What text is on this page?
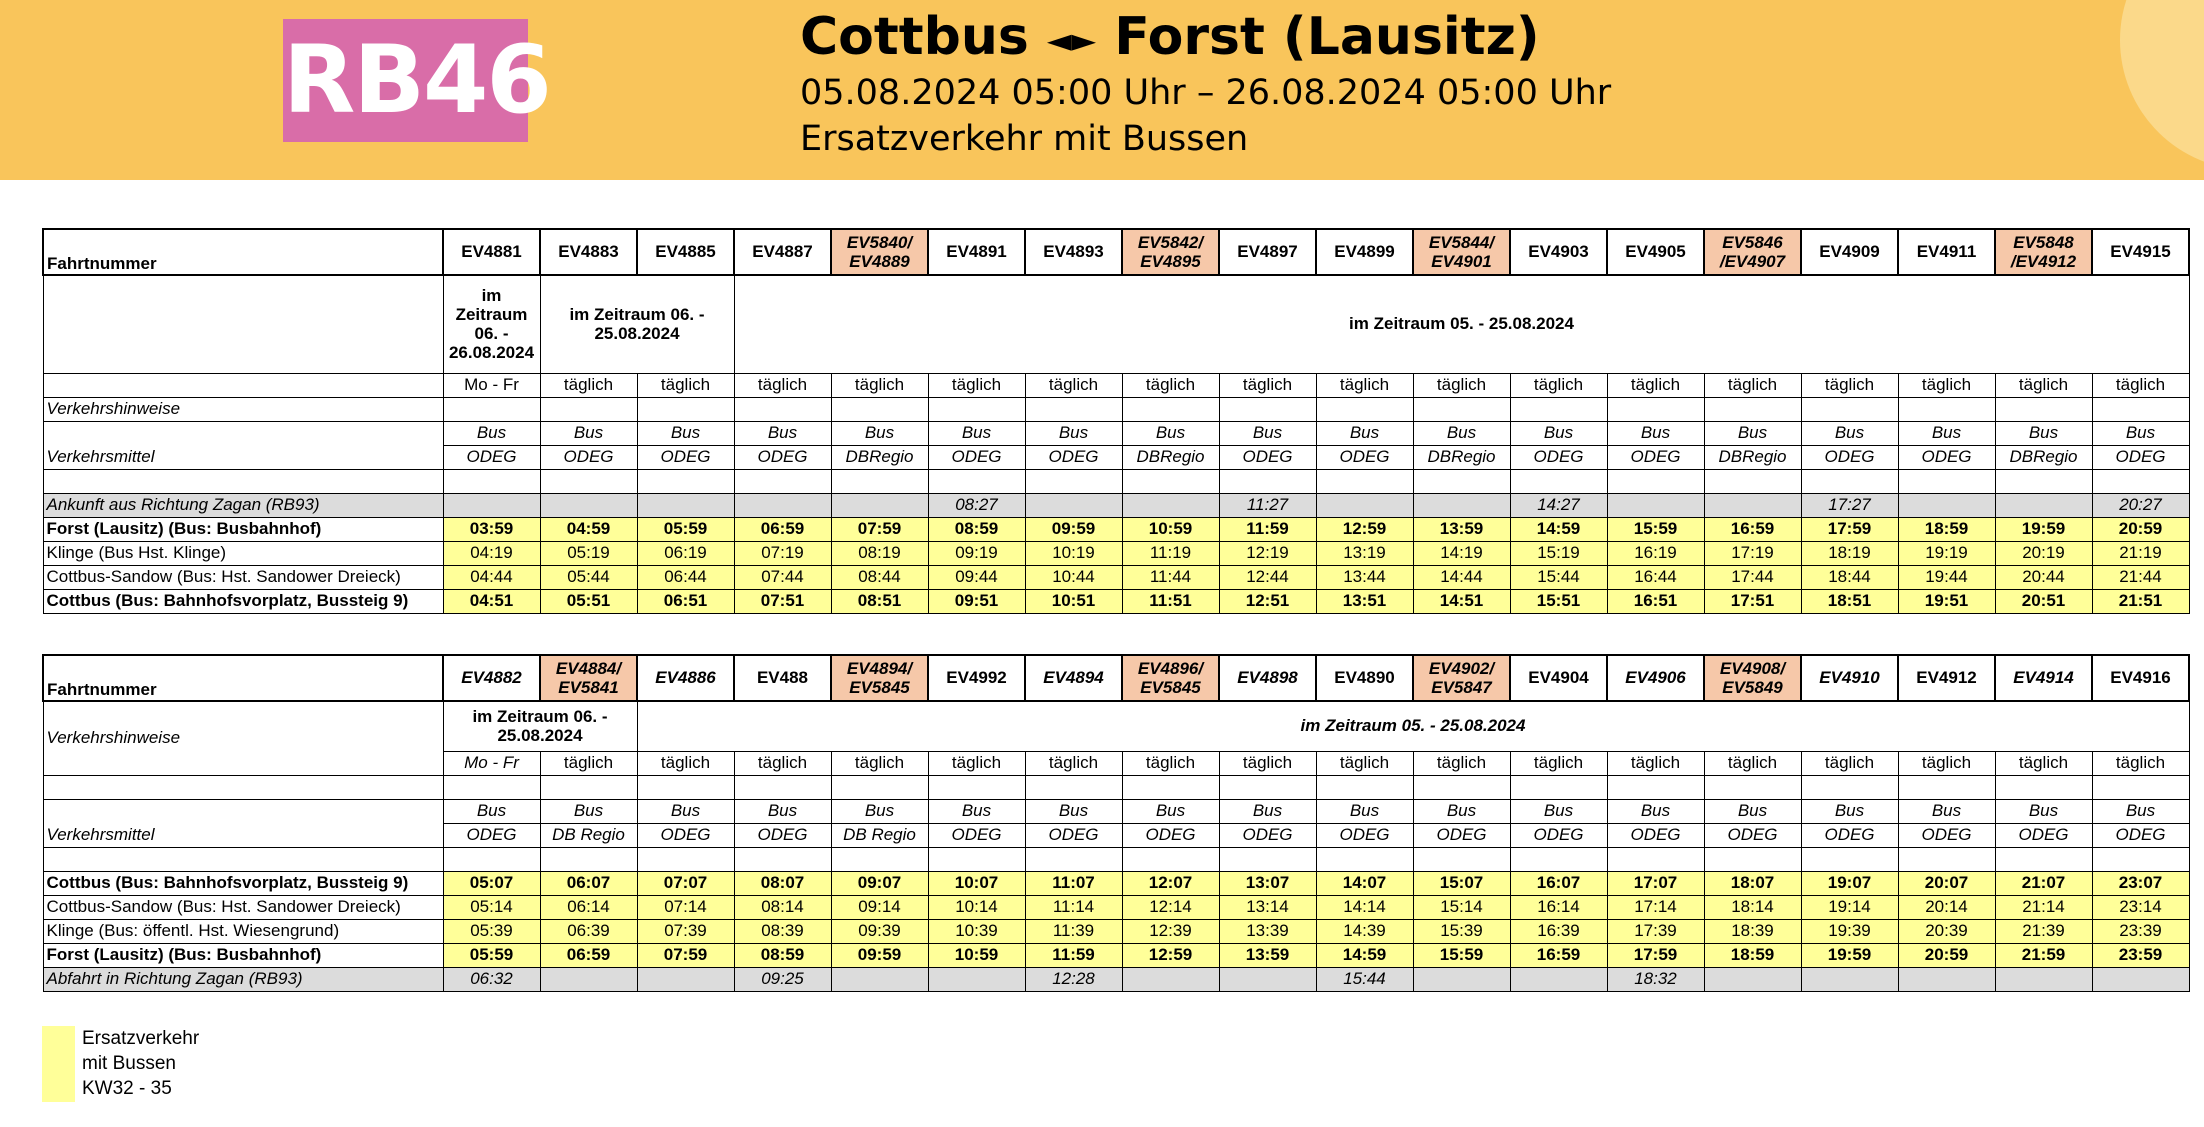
RB46	Cottbus ◄► Forst (Lausitz)
05.08.2024 05:00 Uhr – 26.08.2024 05:00 Uhr
Ersatzverkehr mit Bussen
Fahrtnummer	EV4881	EV4883	EV4885	EV4887	EV5840/ EV4889	EV4891	EV4893	EV5842/ EV4895	EV4897	EV4899	EV5844/ EV4901	EV4903	EV4905	EV5846 /EV4907	EV4909	EV4911	EV5848 /EV4912	EV4915
	im Zeitraum 06. - 26.08.2024	im Zeitraum 06. - 25.08.2024		im Zeitraum 05. - 25.08.2024														
	Mo - Fr	täglich	täglich	täglich	täglich	täglich	täglich	täglich	täglich	täglich	täglich	täglich	täglich	täglich	täglich	täglich	täglich	täglich
Verkehrshinweise																		
	Bus	Bus	Bus	Bus	Bus	Bus	Bus	Bus	Bus	Bus	Bus	Bus	Bus	Bus	Bus	Bus	Bus	Bus
Verkehrsmittel	ODEG	ODEG	ODEG	ODEG	DBRegio	ODEG	ODEG	DBRegio	ODEG	ODEG	DBRegio	ODEG	ODEG	DBRegio	ODEG	ODEG	DBRegio	ODEG

Ankunft aus Richtung Zagan (RB93)						08:27			11:27			14:27			17:27			20:27
Forst (Lausitz) (Bus: Busbahnhof)	03:59	04:59	05:59	06:59	07:59	08:59	09:59	10:59	11:59	12:59	13:59	14:59	15:59	16:59	17:59	18:59	19:59	20:59
Klinge (Bus Hst. Klinge)	04:19	05:19	06:19	07:19	08:19	09:19	10:19	11:19	12:19	13:19	14:19	15:19	16:19	17:19	18:19	19:19	20:19	21:19
Cottbus-Sandow (Bus: Hst. Sandower Dreieck)	04:44	05:44	06:44	07:44	08:44	09:44	10:44	11:44	12:44	13:44	14:44	15:44	16:44	17:44	18:44	19:44	20:44	21:44
Cottbus (Bus: Bahnhofsvorplatz, Bussteig 9)	04:51	05:51	06:51	07:51	08:51	09:51	10:51	11:51	12:51	13:51	14:51	15:51	16:51	17:51	18:51	19:51	20:51	21:51
Fahrtnummer	EV4882	EV4884/ EV5841	EV4886	EV488	EV4894/ EV5845	EV4992	EV4894	EV4896/ EV5845	EV4898	EV4890	EV4902/ EV5847	EV4904	EV4906	EV4908/ EV5849	EV4910	EV4912	EV4914	EV4916
Verkehrshinweise	im Zeitraum 06. - 25.08.2024		im Zeitraum 05. - 25.08.2024															
	Mo - Fr	täglich	täglich	täglich	täglich	täglich	täglich	täglich	täglich	täglich	täglich	täglich	täglich	täglich	täglich	täglich	täglich	täglich

	Bus	Bus	Bus	Bus	Bus	Bus	Bus	Bus	Bus	Bus	Bus	Bus	Bus	Bus	Bus	Bus	Bus	Bus
Verkehrsmittel	ODEG	DB Regio	ODEG	ODEG	DB Regio	ODEG	ODEG	ODEG	ODEG	ODEG	ODEG	ODEG	ODEG	ODEG	ODEG	ODEG	ODEG	ODEG

Cottbus (Bus: Bahnhofsvorplatz, Bussteig 9)	05:07	06:07	07:07	08:07	09:07	10:07	11:07	12:07	13:07	14:07	15:07	16:07	17:07	18:07	19:07	20:07	21:07	23:07
Cottbus-Sandow (Bus: Hst. Sandower Dreieck)	05:14	06:14	07:14	08:14	09:14	10:14	11:14	12:14	13:14	14:14	15:14	16:14	17:14	18:14	19:14	20:14	21:14	23:14
Klinge (Bus: öffentl. Hst. Wiesengrund)	05:39	06:39	07:39	08:39	09:39	10:39	11:39	12:39	13:39	14:39	15:39	16:39	17:39	18:39	19:39	20:39	21:39	23:39
Forst (Lausitz) (Bus: Busbahnhof)	05:59	06:59	07:59	08:59	09:59	10:59	11:59	12:59	13:59	14:59	15:59	16:59	17:59	18:59	19:59	20:59	21:59	23:59
Abfahrt in Richtung Zagan (RB93)	06:32			09:25			12:28			15:44			18:32					
Ersatzverkehr
mit Bussen
KW32 - 35
